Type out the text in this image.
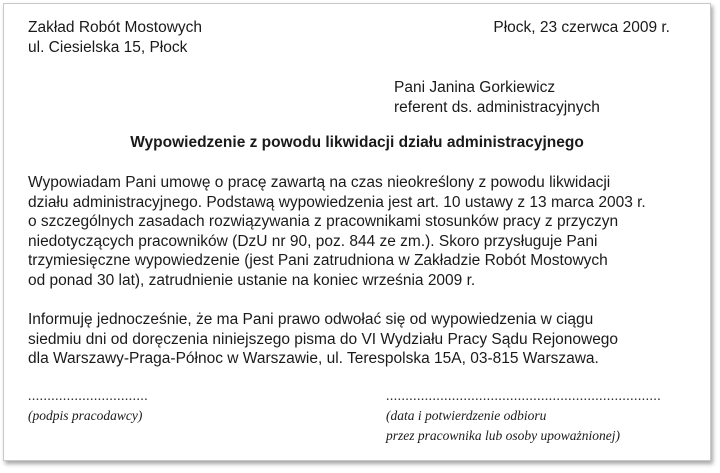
Zakład Robót Mostowych
ul. Ciesielska 15, Płock
Płock, 23 czerwca 2009 r.
Pani Janina Gorkiewicz
referent ds. administracyjnych
Wypowiedzenie z powodu likwidacji działu administracyjnego
Wypowiadam Pani umowę o pracę zawartą na czas nieokreślony z powodu likwidacji
działu administracyjnego. Podstawą wypowiedzenia jest art. 10 ustawy z 13 marca 2003 r.
o szczególnych zasadach rozwiązywania z pracownikami stosunków pracy z przyczyn
niedotyczących pracowników (DzU nr 90, poz. 844 ze zm.). Skoro przysługuje Pani
trzymiesięczne wypowiedzenie (jest Pani zatrudniona w Zakładzie Robót Mostowych
od ponad 30 lat), zatrudnienie ustanie na koniec września 2009 r.
Informuję jednocześnie, że ma Pani prawo odwołać się od wypowiedzenia w ciągu
siedmiu dni od doręczenia niniejszego pisma do VI Wydziału Pracy Sądu Rejonowego
dla Warszawy-Praga-Północ w Warszawie, ul. Terespolska 15A, 03-815 Warszawa.
...............................
(podpis pracodawcy)
.......................................................................
(data i potwierdzenie odbioru
przez pracownika lub osoby upoważnionej)
